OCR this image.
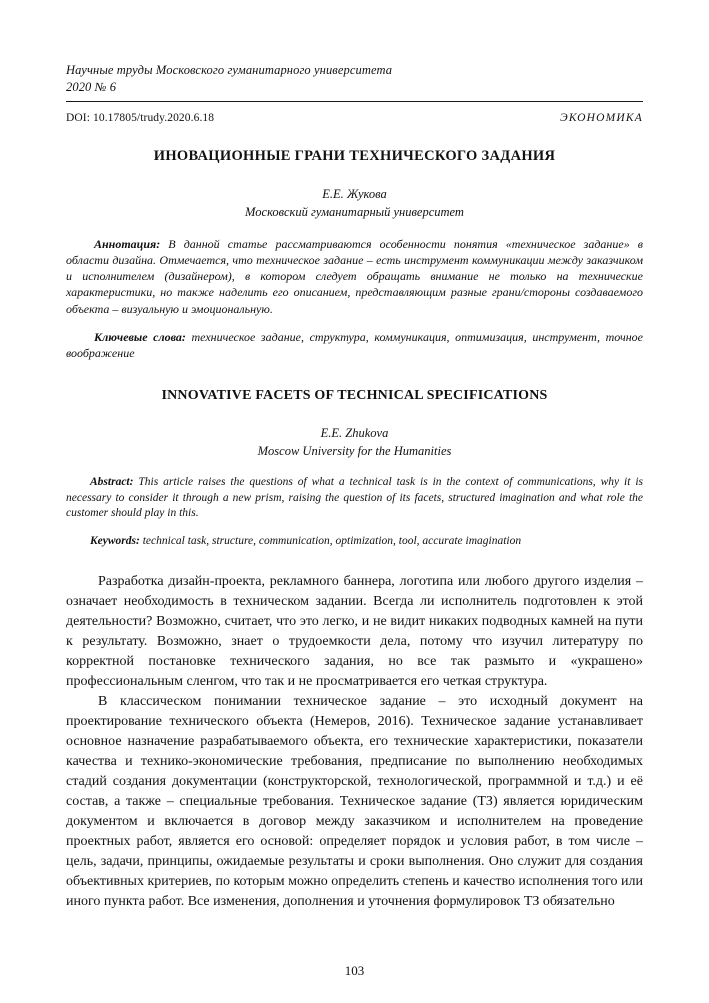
Научные труды Московского гуманитарного университета
2020 № 6
DOI: 10.17805/trudy.2020.6.18	ЭКОНОМИКА
ИНОВАЦИОННЫЕ ГРАНИ ТЕХНИЧЕСКОГО ЗАДАНИЯ
Е.Е. Жукова
Московский гуманитарный университет

Аннотация: В данной статье рассматриваются особенности понятия «техническое задание» в области дизайна. Отмечается, что техническое задание – есть инструмент коммуникации между заказчиком и исполнителем (дизайнером), в котором следует обращать внимание не только на технические характеристики, но также наделить его описанием, представляющим разные грани/стороны создаваемого объекта – визуальную и эмоциональную.

Ключевые слова: техническое задание, структура, коммуникация, оптимизация, инструмент, точное воображение

INNOVATIVE FACETS OF TECHNICAL SPECIFICATIONS
E.E. Zhukova
Moscow University for the Humanities

Abstract: This article raises the questions of what a technical task is in the context of communications, why it is necessary to consider it through a new prism, raising the question of its facets, structured imagination and what role the customer should play in this.

Keywords: technical task, structure, communication, optimization, tool, accurate imagination

Разработка дизайн-проекта, рекламного баннера, логотипа или любого другого изделия – означает необходимость в техническом задании. Всегда ли исполнитель подготовлен к этой деятельности? Возможно, считает, что это легко, и не видит никаких подводных камней на пути к результату. Возможно, знает о трудоемкости дела, потому что изучил литературу по корректной постановке технического задания, но все так размыто и «украшено» профессиональным сленгом, что так и не просматривается его четкая структура.

В классическом понимании техническое задание – это исходный документ на проектирование технического объекта (Немеров, 2016). Техническое задание устанавливает основное назначение разрабатываемого объекта, его технические характеристики, показатели качества и технико-экономические требования, предписание по выполнению необходимых стадий создания документации (конструкторской, технологической, программной и т.д.) и её состав, а также – специальные требования. Техническое задание (ТЗ) является юридическим документом и включается в договор между заказчиком и исполнителем на проведение проектных работ, является его основой: определяет порядок и условия работ, в том числе – цель, задачи, принципы, ожидаемые результаты и сроки выполнения. Оно служит для создания объективных критериев, по которым можно определить степень и качество исполнения того или иного пункта работ. Все изменения, дополнения и уточнения формулировок ТЗ обязательно

103
